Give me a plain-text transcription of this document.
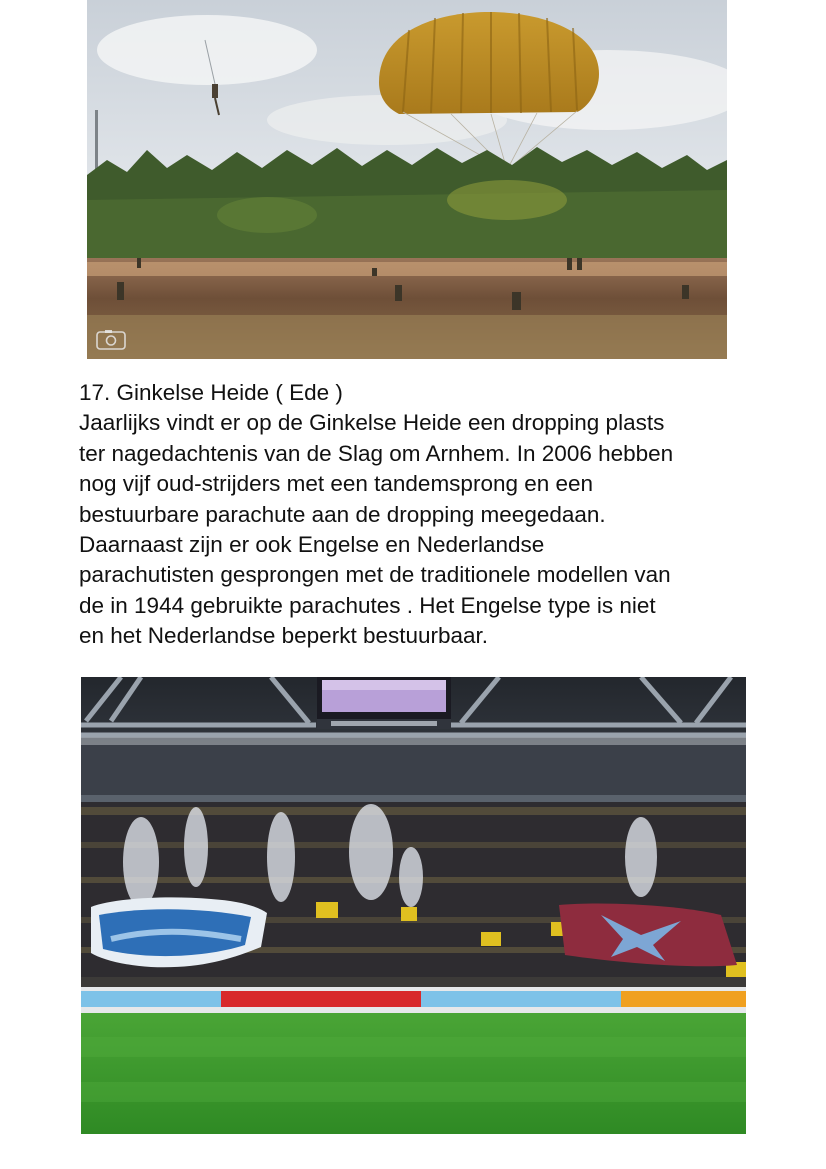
17. Ginkelse Heide ( Ede )

Jaarlijks vindt er op de Ginkelse Heide een dropping plasts

ter nagedachtenis van de Slag om Arnhem. In 2006 hebben

nog vijf oud-strijders met een tandemsprong en een

bestuurbare parachute aan de dropping meegedaan.

Daarnaast zijn er ook Engelse en Nederlandse

parachutisten gesprongen met de traditionele modellen van

de in 1944 gebruikte parachutes . Het Engelse type is niet

en het Nederlandse beperkt bestuurbaar.
